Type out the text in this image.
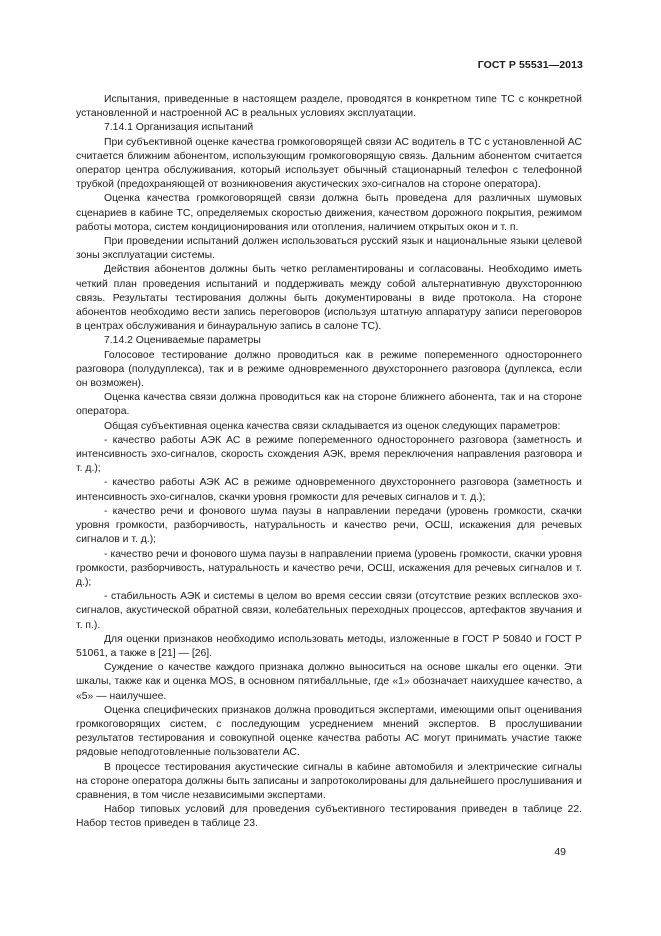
ГОСТ Р 55531—2013

Испытания, приведенные в настоящем разделе, проводятся в конкретном типе ТС с конкретной установленной и настроенной АС в реальных условиях эксплуатации.

7.14.1 Организация испытаний

При субъективной оценке качества громкоговорящей связи АС водитель в ТС с установленной АС считается ближним абонентом, использующим громкоговорящую связь. Дальним абонентом считается оператор центра обслуживания, который использует обычный стационарный телефон с телефонной трубкой (предохраняющей от возникновения акустических эхо-сигналов на стороне оператора).

Оценка качества громкоговорящей связи должна быть проведена для различных шумовых сценариев в кабине ТС, определяемых скоростью движения, качеством дорожного покрытия, режимом работы мотора, систем кондиционирования или отопления, наличием открытых окон и т. п.

При проведении испытаний должен использоваться русский язык и национальные языки целевой зоны эксплуатации системы.

Действия абонентов должны быть четко регламентированы и согласованы. Необходимо иметь четкий план проведения испытаний и поддерживать между собой альтернативную двухстороннюю связь. Результаты тестирования должны быть документированы в виде протокола. На стороне абонентов необходимо вести запись переговоров (используя штатную аппаратуру записи переговоров в центрах обслуживания и бинауральную запись в салоне ТС).

7.14.2 Оцениваемые параметры

Голосовое тестирование должно проводиться как в режиме попеременного одностороннего разговора (полудуплекса), так и в режиме одновременного двухстороннего разговора (дуплекса, если он возможен).

Оценка качества связи должна проводиться как на стороне ближнего абонента, так и на стороне оператора.

Общая субъективная оценка качества связи складывается из оценок следующих параметров:

- качество работы АЭК АС в режиме попеременного одностороннего разговора (заметность и интенсивность эхо-сигналов, скорость схождения АЭК, время переключения направления разговора и т. д.);

- качество работы АЭК АС в режиме одновременного двухстороннего разговора (заметность и интенсивность эхо-сигналов, скачки уровня громкости для речевых сигналов и т. д.);

- качество речи и фонового шума паузы в направлении передачи (уровень громкости, скачки уровня громкости, разборчивость, натуральность и качество речи, ОСШ, искажения для речевых сигналов и т. д.);

- качество речи и фонового шума паузы в направлении приема (уровень громкости, скачки уровня громкости, разборчивость, натуральность и качество речи, ОСШ, искажения для речевых сигналов и т. д.);

- стабильность АЭК и системы в целом во время сессии связи (отсутствие резких всплесков эхо-сигналов, акустической обратной связи, колебательных переходных процессов, артефактов звучания и т. п.).

Для оценки признаков необходимо использовать методы, изложенные в ГОСТ Р 50840 и ГОСТ Р 51061, а также в [21] — [26].

Суждение о качестве каждого признака должно выноситься на основе шкалы его оценки. Эти шкалы, также как и оценка MOS, в основном пятибалльные, где «1» обозначает наихудшее качество, а «5» — наилучшее.

Оценка специфических признаков должна проводиться экспертами, имеющими опыт оценивания громкоговорящих систем, с последующим усреднением мнений экспертов. В прослушивании результатов тестирования и совокупной оценке качества работы АС могут принимать участие также рядовые неподготовленные пользователи АС.

В процессе тестирования акустические сигналы в кабине автомобиля и электрические сигналы на стороне оператора должны быть записаны и запротоколированы для дальнейшего прослушивания и сравнения, в том числе независимыми экспертами.

Набор типовых условий для проведения субъективного тестирования приведен в таблице 22. Набор тестов приведен в таблице 23.

49
